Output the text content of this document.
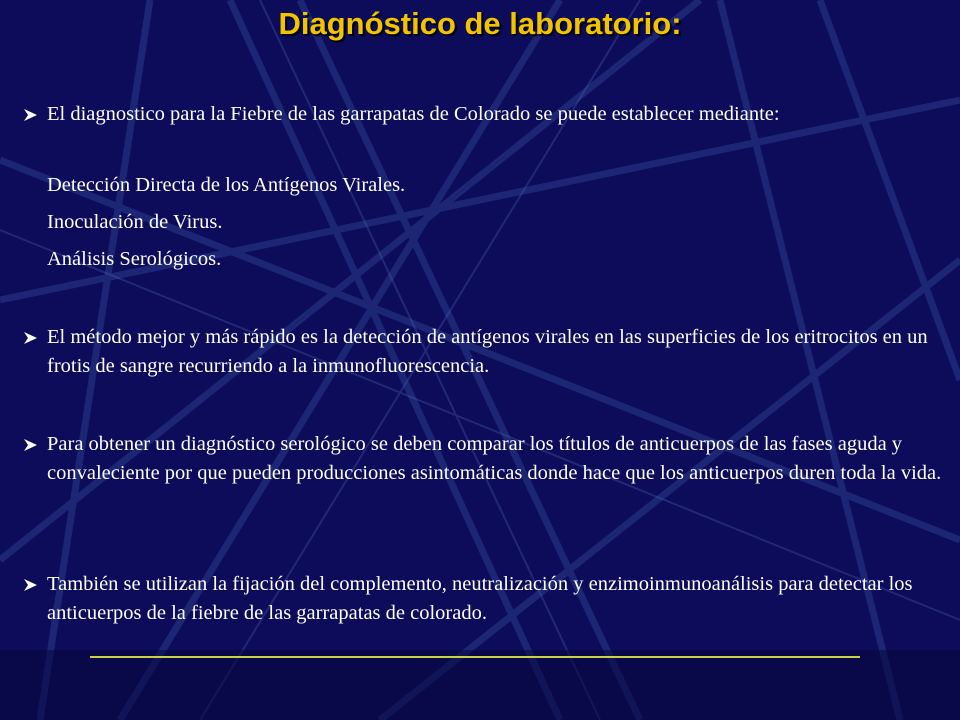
Diagnóstico de laboratorio:
El diagnostico para la Fiebre de las garrapatas de Colorado se puede establecer mediante:
Detección Directa de los Antígenos Virales.
Inoculación de Virus.
Análisis Serológicos.
El método mejor y más rápido es la detección de antígenos virales en las superficies de los eritrocitos en un frotis de sangre recurriendo a la inmunofluorescencia.
Para obtener un diagnóstico serológico se deben comparar los títulos de anticuerpos de las fases aguda y convaleciente por que pueden producciones asintomáticas donde hace que los anticuerpos duren toda la vida.
También se utilizan la fijación del complemento, neutralización y enzimoinmunoanálisis para detectar los anticuerpos de la fiebre de las garrapatas de colorado.
